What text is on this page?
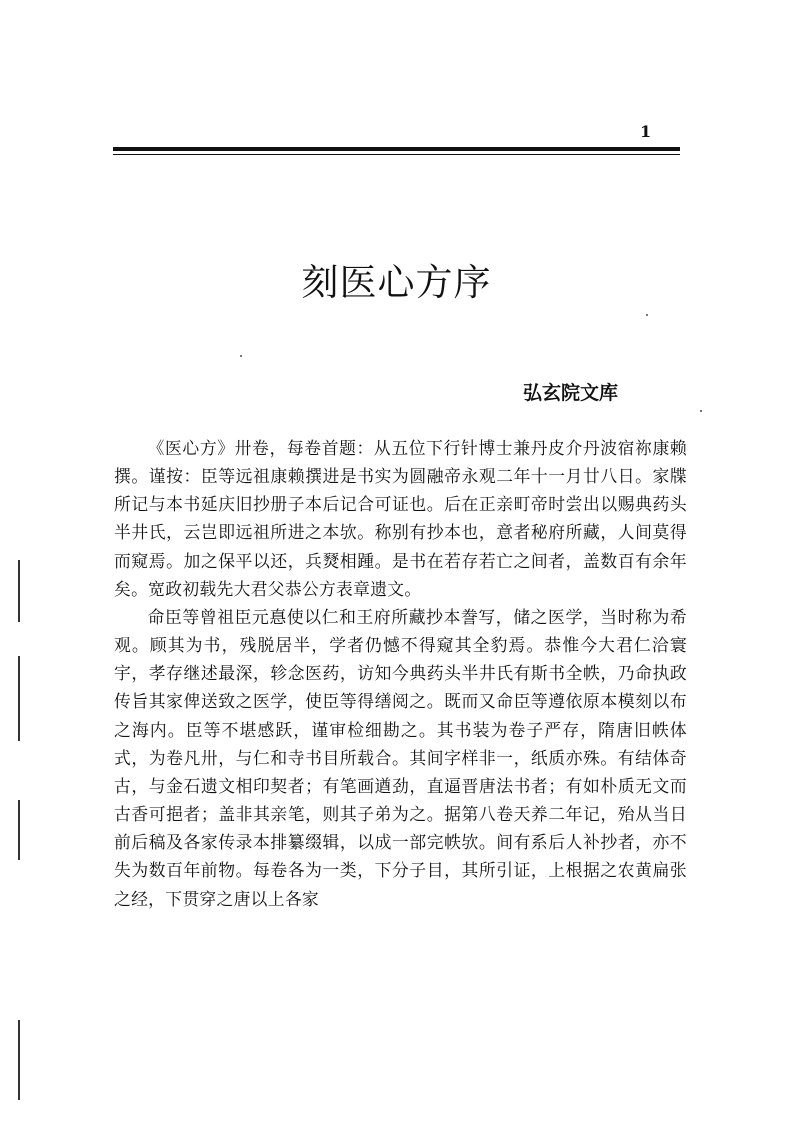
1
刻医心方序
弘玄院文库

《医心方》卅卷，每卷首题：从五位下行针博士兼丹皮介丹波宿祢康赖撰。谨按：臣等远祖康赖撰进是书实为圆融帝永观二年十一月廿八日。家牒所记与本书延庆旧抄册子本后记合可证也。后在正亲町帝时尝出以赐典药头半井氏，云岂即远祖所进之本欤。称别有抄本也，意者秘府所藏，人间莫得而窥焉。加之保平以还，兵燹相踵。是书在若存若亡之间者，盖数百有余年矣。宽政初载先大君父恭公方表章遗文。

命臣等曾祖臣元惪使以仁和王府所藏抄本誊写，储之医学，当时称为希观。顾其为书，残脱居半，学者仍憾不得窥其全豹焉。恭惟今大君仁洽寰宇，孝存继述最深，轸念医药，访知今典药头半井氏有斯书全帙，乃命执政传旨其家俾送致之医学，使臣等得缮阅之。既而又命臣等遵依原本模刻以布之海内。臣等不堪感跃，谨审检细勘之。其书装为卷子严存，隋唐旧帙体式，为卷凡卅，与仁和寺书目所载合。其间字样非一，纸质亦殊。有结体奇古，与金石遗文相印契者；有笔画遒劲，直逼晋唐法书者；有如朴质无文而古香可挹者；盖非其亲笔，则其子弟为之。据第八卷天养二年记，殆从当日前后稿及各家传录本排纂缀辑，以成一部完帙欤。间有系后人补抄者，亦不失为数百年前物。每卷各为一类，下分子目，其所引证，上根据之农黄扁张之经，下贯穿之唐以上各家
